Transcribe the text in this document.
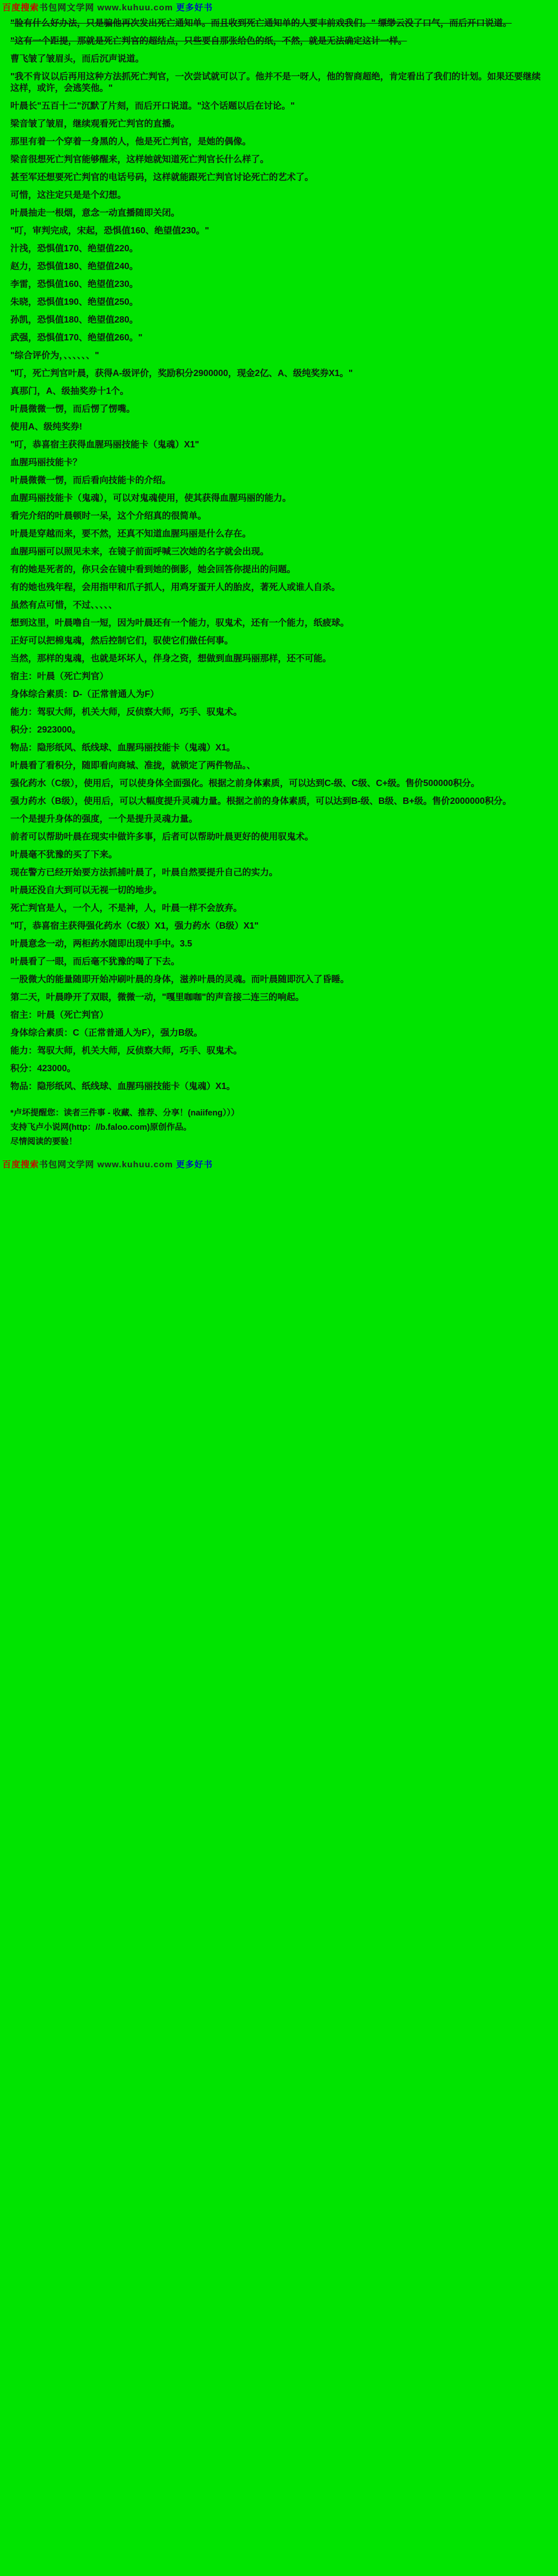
百度搜索书包网文学网 www.kuhuu.com 更多好书

"脸有什么好办法，只是骗他再次发出死亡通知单。而且收到死亡通知单的人要丰前戏我们。" 缥缈云没了口气，而后开口说道。

"这有一个距提，那就是死亡判官的超结点，只些要自那张给色的纸，不然，就是无法确定这计一样。

曹飞皱了皱眉头，而后沉声说道。

"我不肯议以后再用这种方法抓死亡判官，一次尝试就可以了。他并不是一呀人，他的智商超绝，肯定看出了我们的计划。如果还要继续这样，或许，会逃笑他。"

叶晨长"五百十二"沉默了片刻，而后开口说道。"这个话题以后在讨论。"

梁音皱了皱眉，继续观看死亡判官的直播。

那里有着一个穿着一身黑的人，他是死亡判官，是她的偶像。

梁音很想死亡判官能够醒来，这样她就知道死亡判官长什么样了。

甚至军还想要死亡判官的电话号码，这样就能跟死亡判官讨论死亡的艺术了。

可惜，这注定只是是个幻想。

叶晨抽走一根烟，意念一动直播随即关闭。

"叮，审判完成，宋起，恐惧值160、绝望值230。"

汁浅，恐惧值170、绝望值220。

赵力，恐惧值180、绝望值240。

李雷，恐惧值160、绝望值230。

朱晓，恐惧值190、绝望值250。

孙凯，恐惧值180、绝望值280。

武强，恐惧值170、绝望值260。"

"综合评价为，、、、、、、"

"叮，死亡判官叶晨，获得A-级评价，奖励积分2900000，现金2亿、A、级纯奖券X1。"

真那门，A、级抽奖券十1个。

叶晨微微一愣，而后愣了愣嘴。

使用A、级纯奖券!

"叮，恭喜宿主获得血腥玛丽技能卡（鬼魂）X1"

血腥玛丽技能卡？

叶晨微微一愣，而后看向技能卡的介绍。

血腥玛丽技能卡（鬼魂），可以对鬼魂使用，使其获得血腥玛丽的能力。

看完介绍的叶晨顿时一呆，这个介绍真的很简单。

叶晨是穿越而来，要不然，还真不知道血腥玛丽是什么存在。

血腥玛丽可以照见未来，在镜子前面呼喊三次她的名字就会出现。

有的她是死者的，你只会在镜中看到她的倒影，她会回答你提出的问题。

有的她也残年程，会用指甲和爪子抓人，用鸡牙蛋开人的胎皮，著死人或谁人自杀。

虽然有点可惜，不过、、、、、

想到这里，叶晨噜自一短，因为叶晨还有一个能力，驭鬼术，还有一个能力，纸疲球。

正好可以把棉鬼魂，然后控制它们，驭使它们做任何事。

当然，那样的鬼魂，也就是坏坏人，伴身之资，想做到血腥玛丽那样，还不可能。

宿主：叶晨（死亡判官）

身体综合素质：D-（正常普通人为F）

能力：驾驭大师，机关大师，反侦察大师，巧手、驭鬼术。

积分：2923000。

物品：隐形纸风、纸线球、血腥玛丽技能卡（鬼魂）X1。

叶晨看了看积分，随即看向商城、准拢，就锁定了两件物品。、

强化药水（C级），使用后，可以使身体全面强化。根据之前身体素质，可以达到C-级、C级、C+级。售价500000积分。

强力药水（B级），使用后，可以大幅度提升灵魂力量。根据之前的身体素质，可以达到B-级、B级、B+级。售价2000000积分。

一个是提升身体的强度，一个是提升灵魂力量。

前者可以帮助叶晨在现实中做许多事，后者可以帮助叶晨更好的使用驭鬼术。

叶晨毫不犹豫的买了下来。

现在警方已经开始要方法抓捕叶晨了，叶晨自然要提升自己的实力。

叶晨还没自大到可以无视一切的地步。

死亡判官是人，一个人，不是神，人，叶晨一样不会放弃。

"叮，恭喜宿主获得强化药水（C级）X1，强力药水（B级）X1"

叶晨意念一动，两柜药水随即出现中手中。3.5

叶晨看了一眼，而后毫不犹豫的喝了下去。

一股微大的能量随即开始冲刷叶晨的身体，滋养叶晨的灵魂。而叶晨随即沉入了昏睡。

第二天，叶晨睁开了双眼，微微一动，"嘎里咖咖"的声音接二连三的响起。

宿主：叶晨（死亡判官）

身体综合素质：C（正常普通人为F），强力B级。

能力：驾驭大师，机关大师，反侦察大师，巧手、驭鬼术。

积分：423000。

物品：隐形纸风、纸线球、血腥玛丽技能卡（鬼魂）X1。

*卢坏提醒您：读者三件事 - 收藏、推荐、分享！(naiifeng）））

支持飞卢小说网(http：//b.faloo.com)原创作品。

尽情阅读的要验！

百度搜索书包网文学网 www.kuhuu.com 更多好书
